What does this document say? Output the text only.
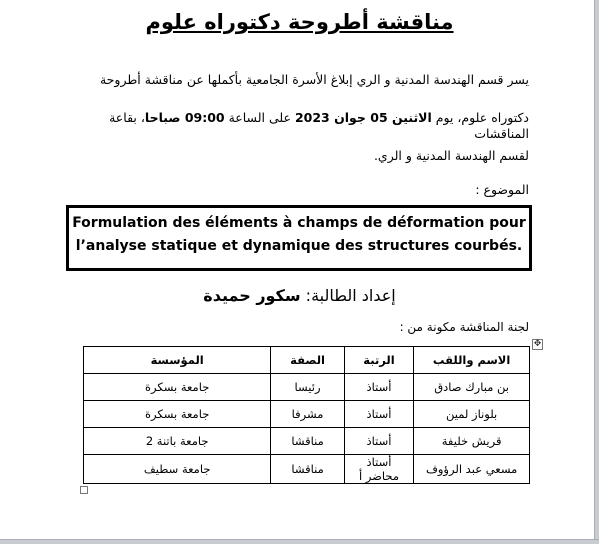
مناقشة أطروحة دكتوراه علوم
يسر قسم الهندسة المدنية و الري إبلاغ الأسرة الجامعية بأكملها عن مناقشة أطروحة
دكتوراه علوم، يوم الاثنين 05 جوان 2023 على الساعة 09:00 صباحا، بقاعة المناقشات
لقسم الهندسة المدنية و الري.
الموضوع :
Formulation des éléments à champs de déformation pour
l’analyse statique et dynamique des structures courbés.
إعداد الطالبة: سكور حميدة
لجنة المناقشة مكونة من :
✥
الاسم واللقب	الرتبة	الصفة	المؤسسة
بن مبارك صادق	أستاذ	رئيسا	جامعة بسكرة
بلوناز لمين	أستاذ	مشرفا	جامعة بسكرة
قريش خليفة	أستاذ	مناقشا	جامعة باتنة 2
مسعي عبد الرؤوف	أستاذ محاضر أ	مناقشا	جامعة سطيف
